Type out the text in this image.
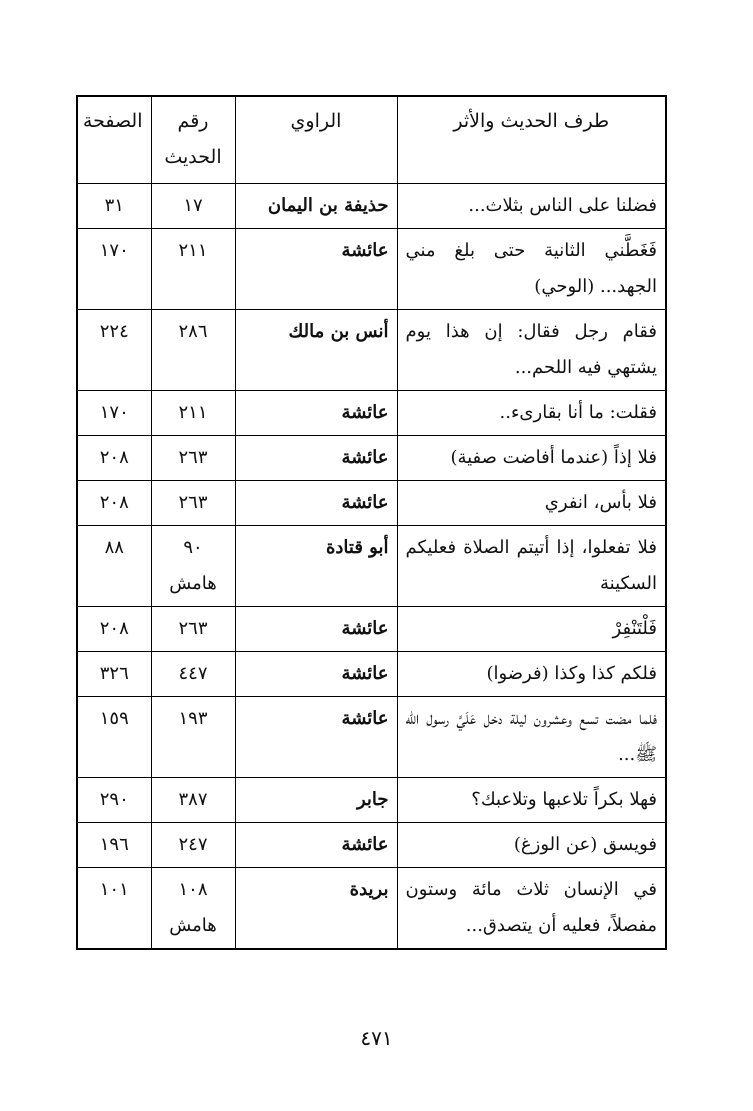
طرف الحديث والأثر	الراوي	رقم الحديث	الصفحة
فضلنا على الناس بثلاث...	حذيفة بن اليمان	١٧	٣١
فَغَطَّني الثانية حتى بلغ مني الجهد... (الوحي)	عائشة	٢١١	١٧٠
فقام رجل فقال: إن هذا يوم يشتهي فيه اللحم...	أنس بن مالك	٢٨٦	٢٢٤
فقلت: ما أنا بقارىء..	عائشة	٢١١	١٧٠
فلا إذاً (عندما أفاضت صفية)	عائشة	٢٦٣	٢٠٨
فلا بأس، انفري	عائشة	٢٦٣	٢٠٨
فلا تفعلوا، إذا أتيتم الصلاة فعليكم السكينة	أبو قتادة	٩٠ هامش	٨٨
فَلْتَنْفِرْ	عائشة	٢٦٣	٢٠٨
فلكم كذا وكذا (فرضوا)	عائشة	٤٤٧	٣٢٦
فلما مضت تسع وعشرون ليلة دخل عَلَيَّ رسول الله ﷺ...	عائشة	١٩٣	١٥٩
فهلا بكراً تلاعبها وتلاعبك؟	جابر	٣٨٧	٢٩٠
فويسق (عن الوزغ)	عائشة	٢٤٧	١٩٦
في الإنسان ثلاث مائة وستون مفصلاً، فعليه أن يتصدق...	بريدة	١٠٨ هامش	١٠١
٤٧١
